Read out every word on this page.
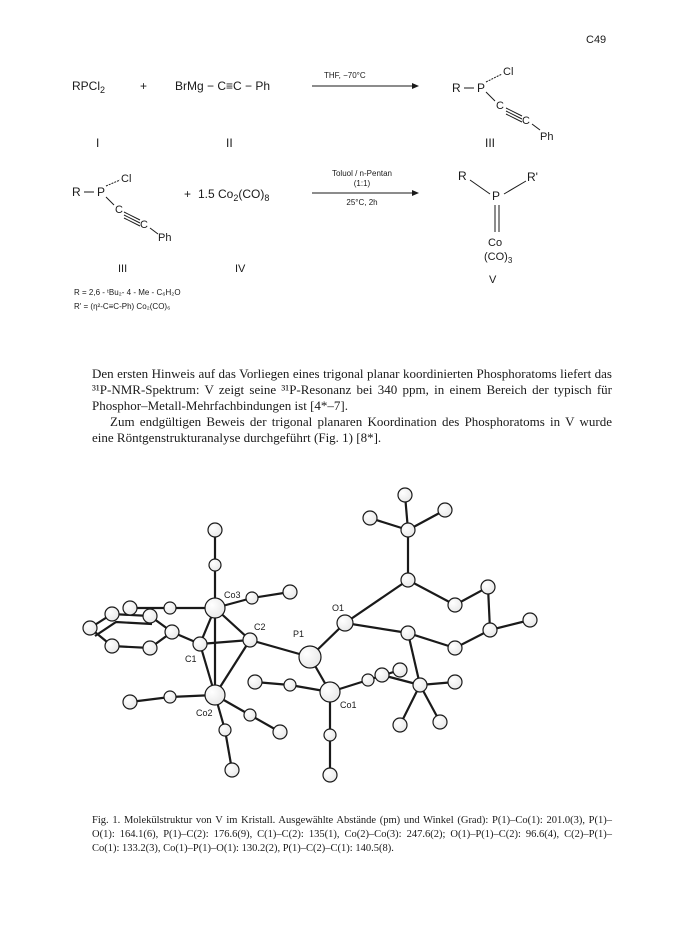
C49
RPCl$_2$	+ BrMg − C≡C − Ph
THF, −70°C
R P
Cl
C
C
Ph
I	II	III
R P
Cl
C
C
Ph
+ 1.5 $Co_2(CO)_8$
Toluol / n-Pentan
(1:1)
25°C, 2h
R
P
R'
Co
$(CO)_3$
III	IV
V
R = 2,6 - ᵗBu₂- 4 - Me - C₆H₂O
R' = (η²-C≡C-Ph) Co₂(CO)₆

Den ersten Hinweis auf das Vorliegen eines trigonal planar koordinierten Phosphoratoms liefert das ³¹P-NMR-Spektrum: V zeigt seine ³¹P-Resonanz bei 340 ppm, in einem Bereich der typisch für Phosphor–Metall-Mehrfachbindungen ist [4*–7].

Zum endgültigen Beweis der trigonal planaren Koordination des Phosphoratoms in V wurde eine Röntgenstrukturanalyse durchgeführt (Fig. 1) [8*].

Co3
C2
C1
Co2
P1
O1
Co1
Fig. 1. Molekülstruktur von V im Kristall. Ausgewählte Abstände (pm) und Winkel (Grad): P(1)–Co(1): 201.0(3), P(1)–O(1): 164.1(6), P(1)–C(2): 176.6(9), C(1)–C(2): 135(1), Co(2)–Co(3): 247.6(2); O(1)–P(1)–C(2): 96.6(4), C(2)–P(1)–Co(1): 133.2(3), Co(1)–P(1)–O(1): 130.2(2), P(1)–C(2)–C(1): 140.5(8).
